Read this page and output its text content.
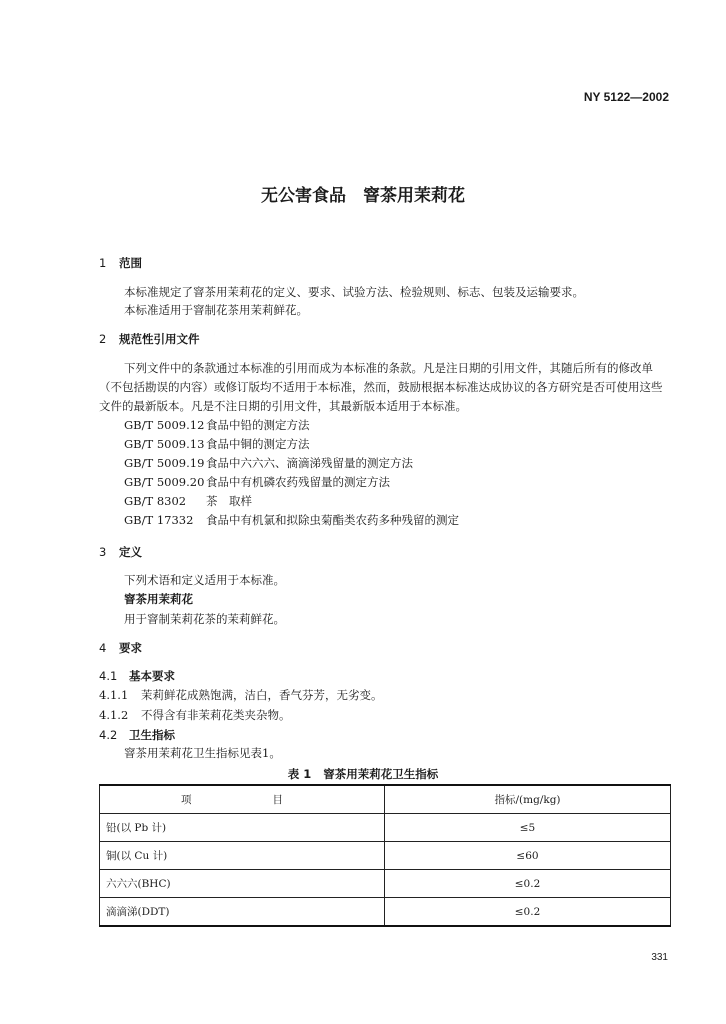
NY 5122—2002
无公害食品　窨茶用茉莉花
1 范围
本标准规定了窨茶用茉莉花的定义、要求、试验方法、检验规则、标志、包装及运输要求。
本标准适用于窨制花茶用茉莉鲜花。
2 规范性引用文件
下列文件中的条款通过本标准的引用而成为本标准的条款。凡是注日期的引用文件，其随后所有的修改单（不包括勘误的内容）或修订版均不适用于本标准，然而，鼓励根据本标准达成协议的各方研究是否可使用这些文件的最新版本。凡是不注日期的引用文件，其最新版本适用于本标准。
GB/T 5009.12 食品中铅的测定方法
GB/T 5009.13 食品中铜的测定方法
GB/T 5009.19 食品中六六六、滴滴涕残留量的测定方法
GB/T 5009.20 食品中有机磷农药残留量的测定方法
GB/T 8302 茶　取样
GB/T 17332 食品中有机氯和拟除虫菊酯类农药多种残留的测定
3 定义
下列术语和定义适用于本标准。
窨茶用茉莉花
用于窨制茉莉花茶的茉莉鲜花。
4 要求
4.1 基本要求
4.1.1 茉莉鲜花成熟饱满，洁白，香气芬芳，无劣变。
4.1.2 不得含有非茉莉花类夹杂物。
4.2 卫生指标
窨茶用茉莉花卫生指标见表1。
表 1 窨茶用茉莉花卫生指标
项　　目	指标/(mg/kg)
铅(以 Pb 计)	≤5
铜(以 Cu 计)	≤60
六六六(BHC)	≤0.2
滴滴涕(DDT)	≤0.2
331
